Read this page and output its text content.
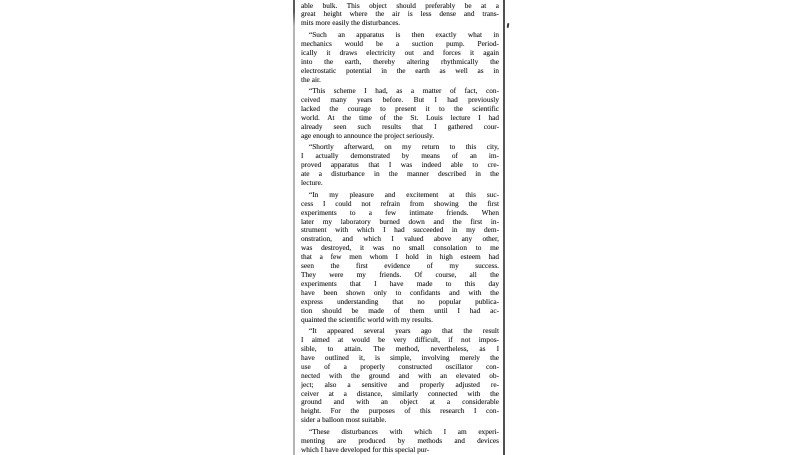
able bulk. This object should preferably be at a
great height where the air is less dense and trans-
mits more easily the disturbances.
“Such an apparatus is then exactly what in
mechanics would be a suction pump. Period-
ically it draws electricity out and forces it again
into the earth, thereby altering rhythmically the
electrostatic potential in the earth as well as in
the air.
“This scheme I had, as a matter of fact, con-
ceived many years before. But I had previously
lacked the courage to present it to the scientific
world. At the time of the St. Louis lecture I had
already seen such results that I gathered cour-
age enough to announce the project seriously.
“Shortly afterward, on my return to this city,
I actually demonstrated by means of an im-
proved apparatus that I was indeed able to cre-
ate a disturbance in the manner described in the
lecture.
“In my pleasure and excitement at this suc-
cess I could not refrain from showing the first
experiments to a few intimate friends. When
later my laboratory burned down and the first in-
strument with which I had succeeded in my dem-
onstration, and which I valued above any other,
was destroyed, it was no small consolation to me
that a few men whom I hold in high esteem had
seen the first evidence of my success.
They were my friends. Of course, all the
experiments that I have made to this day
have been shown only to confidants and with the
express understanding that no popular publica-
tion should be made of them until I had ac-
quainted the scientific world with my results.
“It appeared several years ago that the result
I aimed at would be very difficult, if not impos-
sible, to attain. The method, nevertheless, as I
have outlined it, is simple, involving merely the
use of a properly constructed oscillator con-
nected with the ground and with an elevated ob-
ject; also a sensitive and properly adjusted re-
ceiver at a distance, similarly connected with the
ground and with an object at a considerable
height. For the purposes of this research I con-
sider a balloon most suitable.
“These disturbances with which I am experi-
menting are produced by methods and devices
which I have developed for this special pur-
